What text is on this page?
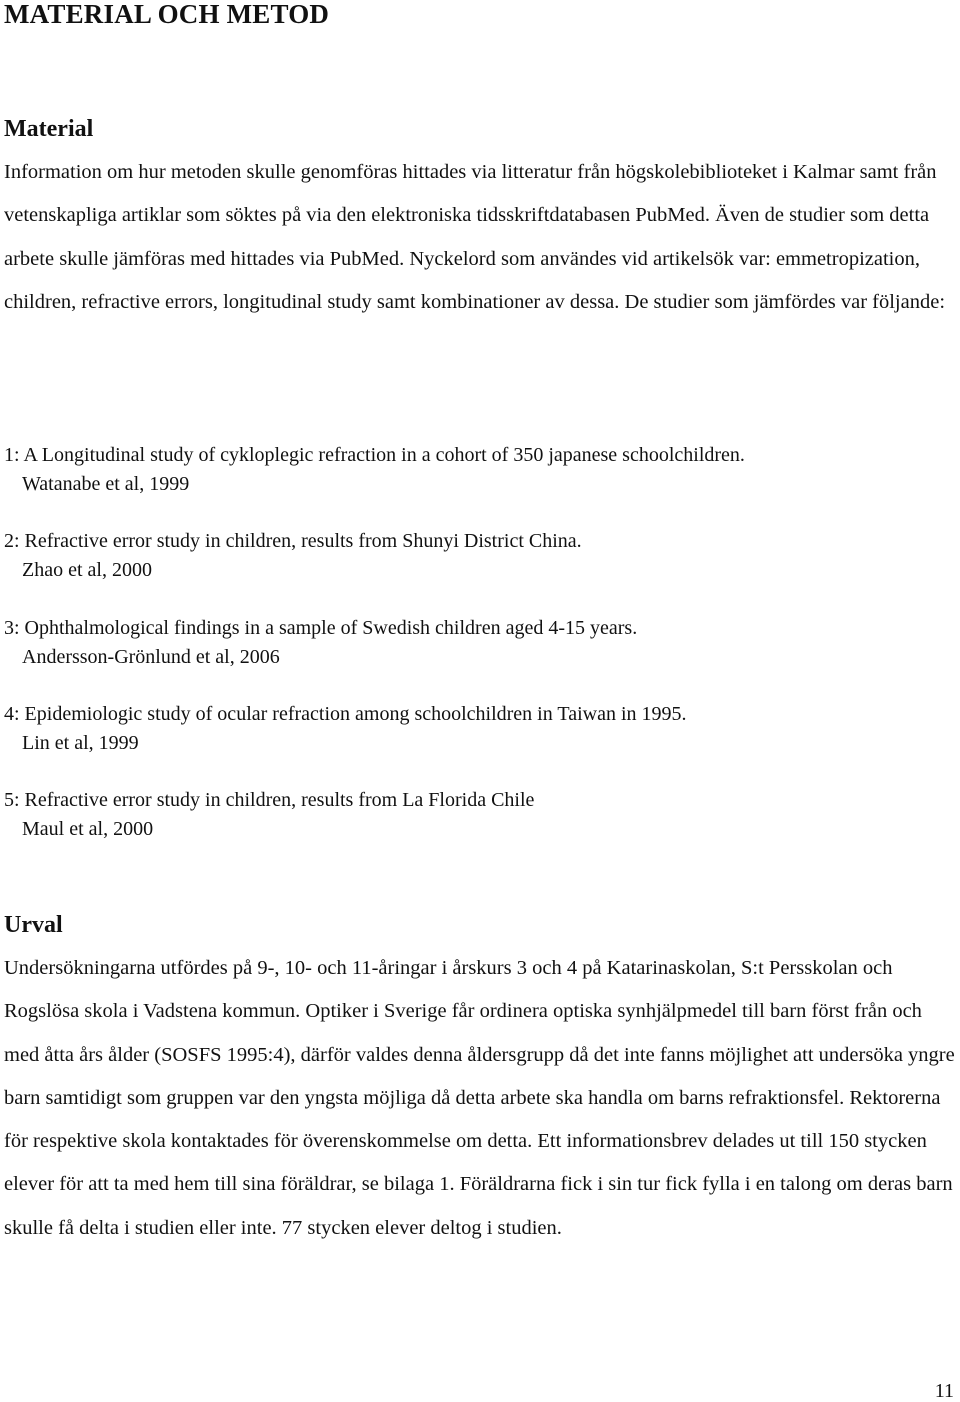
MATERIAL OCH METOD
Material

Information om hur metoden skulle genomföras hittades via litteratur från högskolebiblioteket i Kalmar samt från vetenskapliga artiklar som söktes på via den elektroniska tidsskriftdatabasen PubMed. Även de studier som detta arbete skulle jämföras med hittades via PubMed. Nyckelord som användes vid artikelsök var: emmetropization, children, refractive errors, longitudinal study samt kombinationer av dessa. De studier som jämfördes var följande:

1: A Longitudinal study of cykloplegic refraction in a cohort of 350 japanese schoolchildren.

Watanabe et al, 1999

2: Refractive error study in children, results from Shunyi District China.

Zhao et al, 2000

3: Ophthalmological findings in a sample of Swedish children aged 4-15 years.

Andersson-Grönlund et al, 2006

4: Epidemiologic study of ocular refraction among schoolchildren in Taiwan in 1995.

Lin et al, 1999

5: Refractive error study in children, results from La Florida Chile

Maul et al, 2000

Urval

Undersökningarna utfördes på 9-, 10- och 11-åringar i årskurs 3 och 4 på Katarinaskolan, S:t Persskolan och Rogslösa skola i Vadstena kommun. Optiker i Sverige får ordinera optiska synhjälpmedel till barn först från och med åtta års ålder (SOSFS 1995:4), därför valdes denna åldersgrupp då det inte fanns möjlighet att undersöka yngre barn samtidigt som gruppen var den yngsta möjliga då detta arbete ska handla om barns refraktionsfel. Rektorerna för respektive skola kontaktades för överenskommelse om detta. Ett informationsbrev delades ut till 150 stycken elever för att ta med hem till sina föräldrar, se bilaga 1. Föräldrarna fick i sin tur fick fylla i en talong om deras barn skulle få delta i studien eller inte. 77 stycken elever deltog i studien.

11
